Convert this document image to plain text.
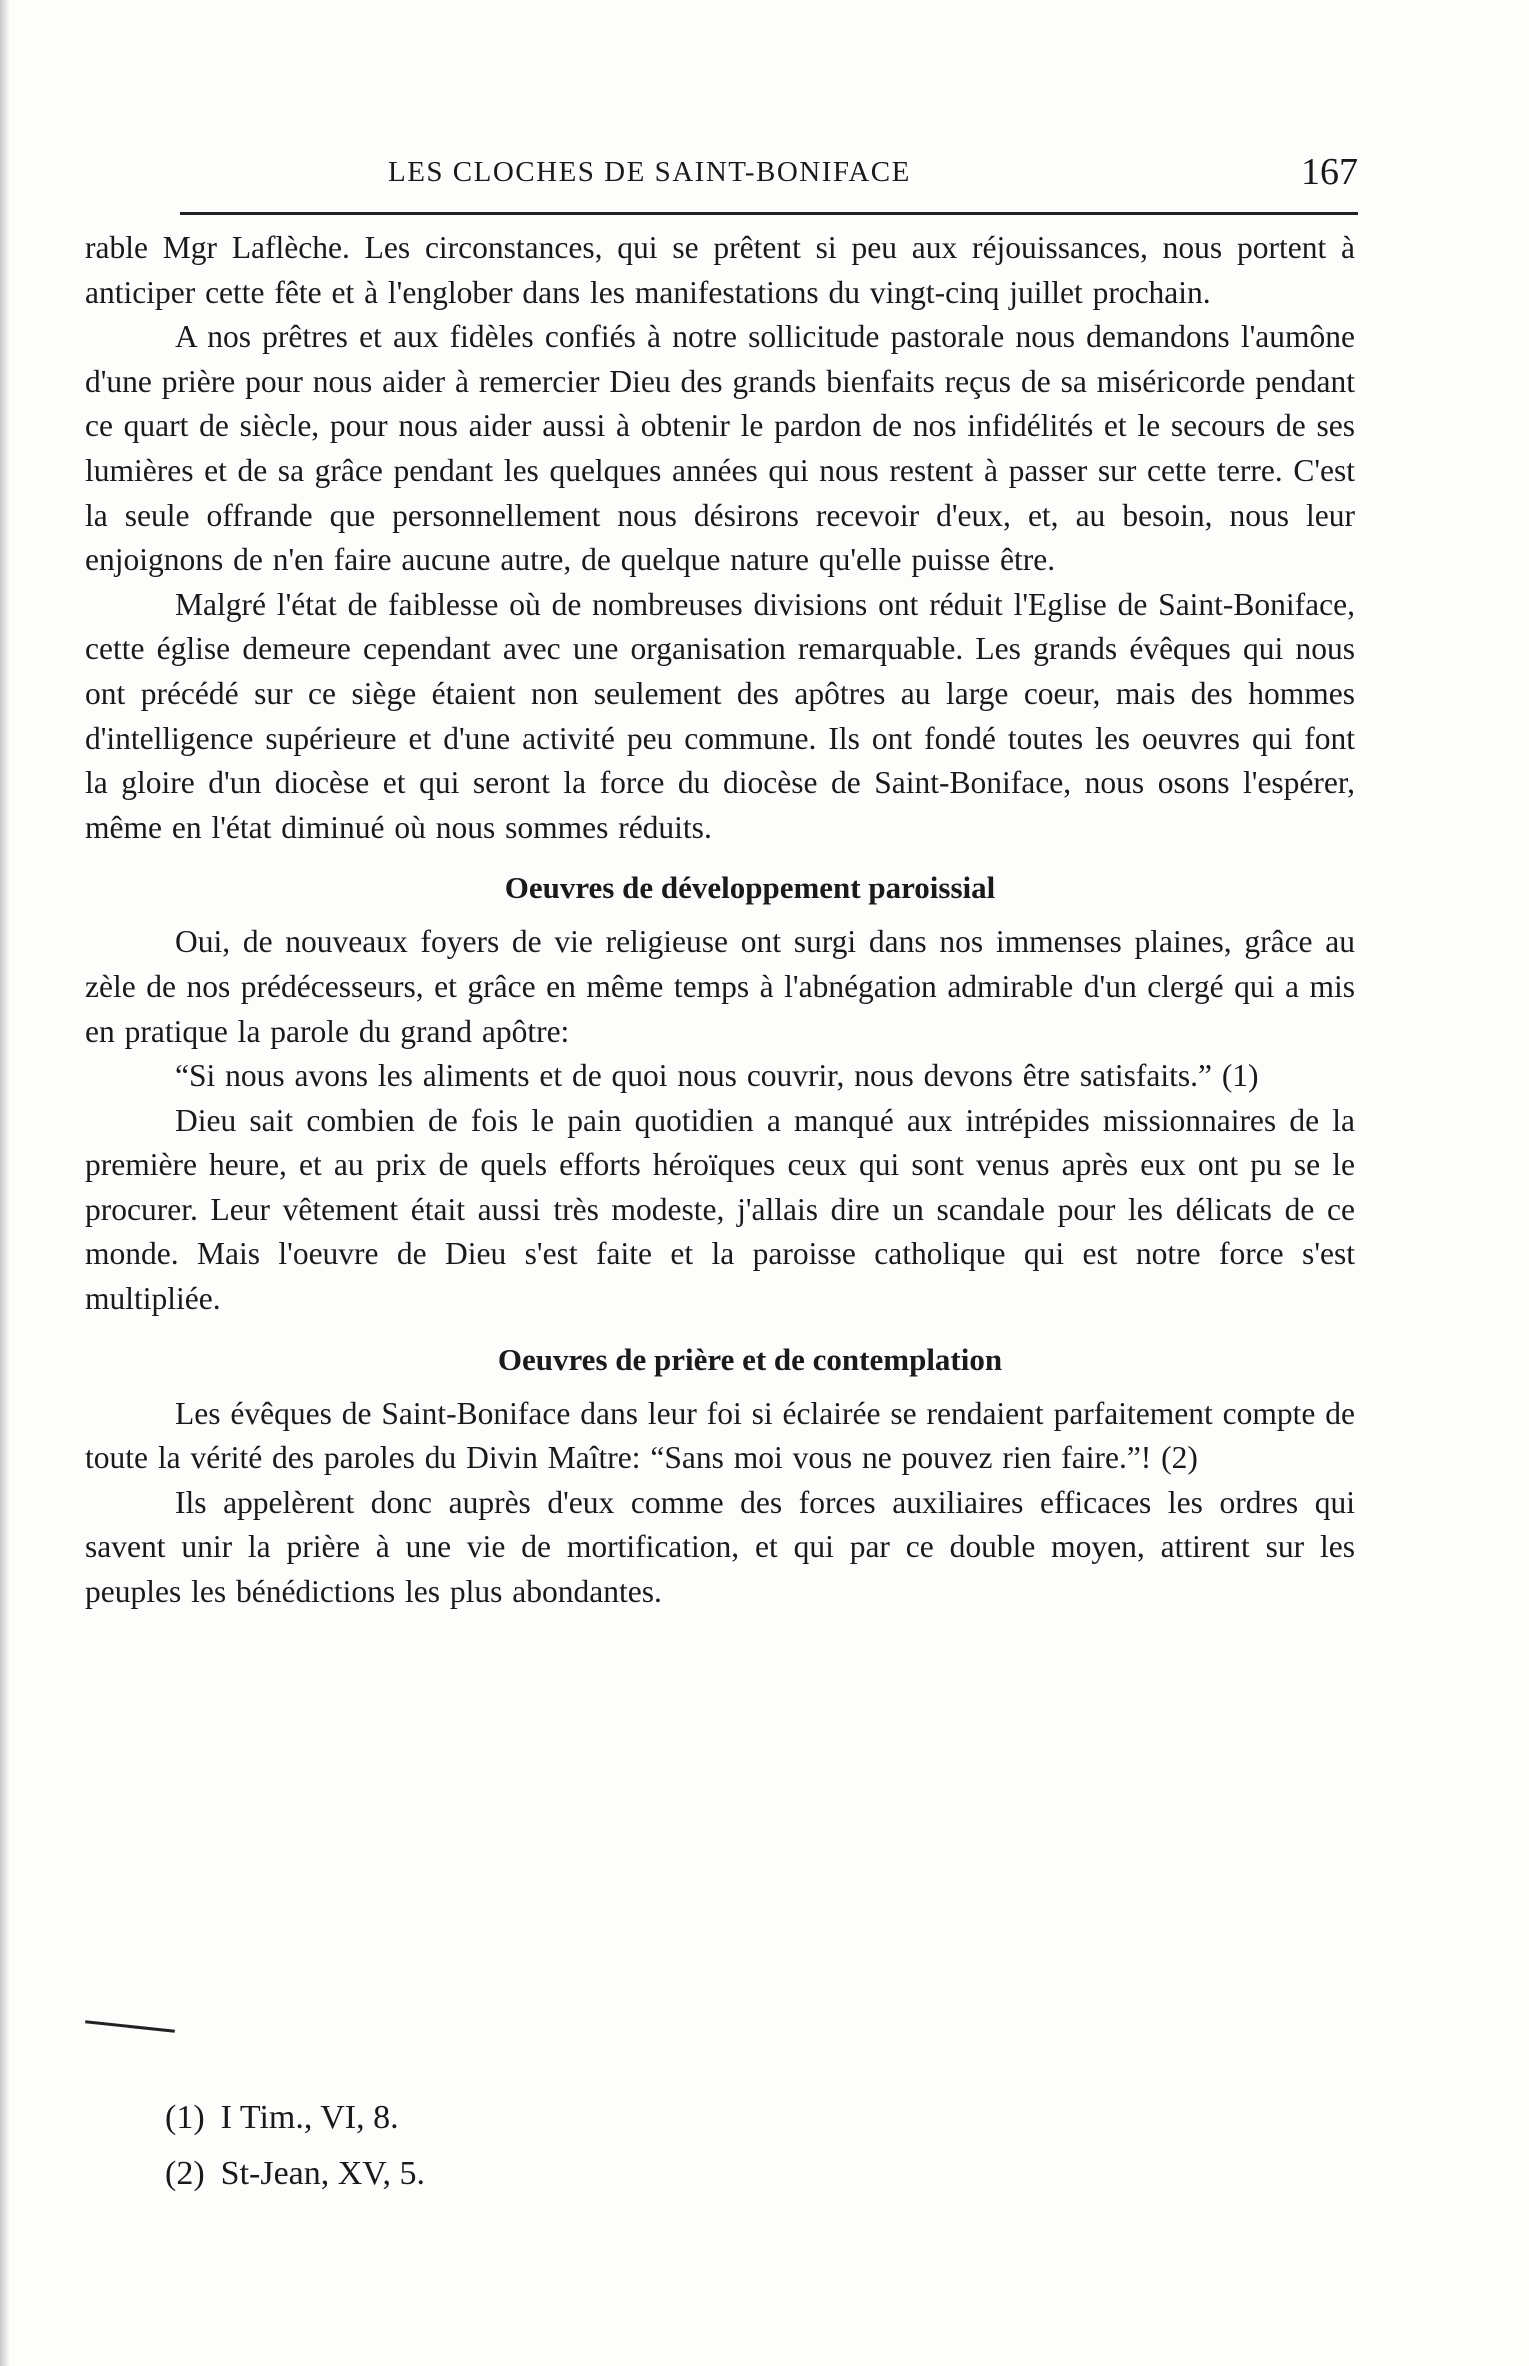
LES CLOCHES DE SAINT-BONIFACE	167

rable Mgr Laflèche. Les circonstances, qui se prêtent si peu aux réjouissances, nous portent à anticiper cette fête et à l'englober dans les manifestations du vingt-cinq juillet prochain.

A nos prêtres et aux fidèles confiés à notre sollicitude pastorale nous demandons l'aumône d'une prière pour nous aider à remercier Dieu des grands bienfaits reçus de sa miséricorde pendant ce quart de siècle, pour nous aider aussi à obtenir le pardon de nos infidélités et le secours de ses lumières et de sa grâce pendant les quelques années qui nous restent à passer sur cette terre. C'est la seule offrande que personnellement nous désirons recevoir d'eux, et, au besoin, nous leur enjoignons de n'en faire aucune autre, de quelque nature qu'elle puisse être.

Malgré l'état de faiblesse où de nombreuses divisions ont réduit l'Eglise de Saint-Boniface, cette église demeure cependant avec une organisation remarquable. Les grands évêques qui nous ont précédé sur ce siège étaient non seulement des apôtres au large coeur, mais des hommes d'intelligence supérieure et d'une activité peu commune. Ils ont fondé toutes les oeuvres qui font la gloire d'un diocèse et qui seront la force du diocèse de Saint-Boniface, nous osons l'espérer, même en l'état diminué où nous sommes réduits.

Oeuvres de développement paroissial

Oui, de nouveaux foyers de vie religieuse ont surgi dans nos immenses plaines, grâce au zèle de nos prédécesseurs, et grâce en même temps à l'abnégation admirable d'un clergé qui a mis en pratique la parole du grand apôtre:

“Si nous avons les aliments et de quoi nous couvrir, nous devons être satisfaits.” (1)

Dieu sait combien de fois le pain quotidien a manqué aux intrépides missionnaires de la première heure, et au prix de quels efforts héroïques ceux qui sont venus après eux ont pu se le procurer. Leur vêtement était aussi très modeste, j'allais dire un scandale pour les délicats de ce monde. Mais l'oeuvre de Dieu s'est faite et la paroisse catholique qui est notre force s'est multipliée.

Oeuvres de prière et de contemplation

Les évêques de Saint-Boniface dans leur foi si éclairée se rendaient parfaitement compte de toute la vérité des paroles du Divin Maître: “Sans moi vous ne pouvez rien faire.”! (2)

Ils appelèrent donc auprès d'eux comme des forces auxiliaires efficaces les ordres qui savent unir la prière à une vie de mortification, et qui par ce double moyen, attirent sur les peuples les bénédictions les plus abondantes.

(1) I Tim., VI, 8.
(2) St-Jean, XV, 5.
